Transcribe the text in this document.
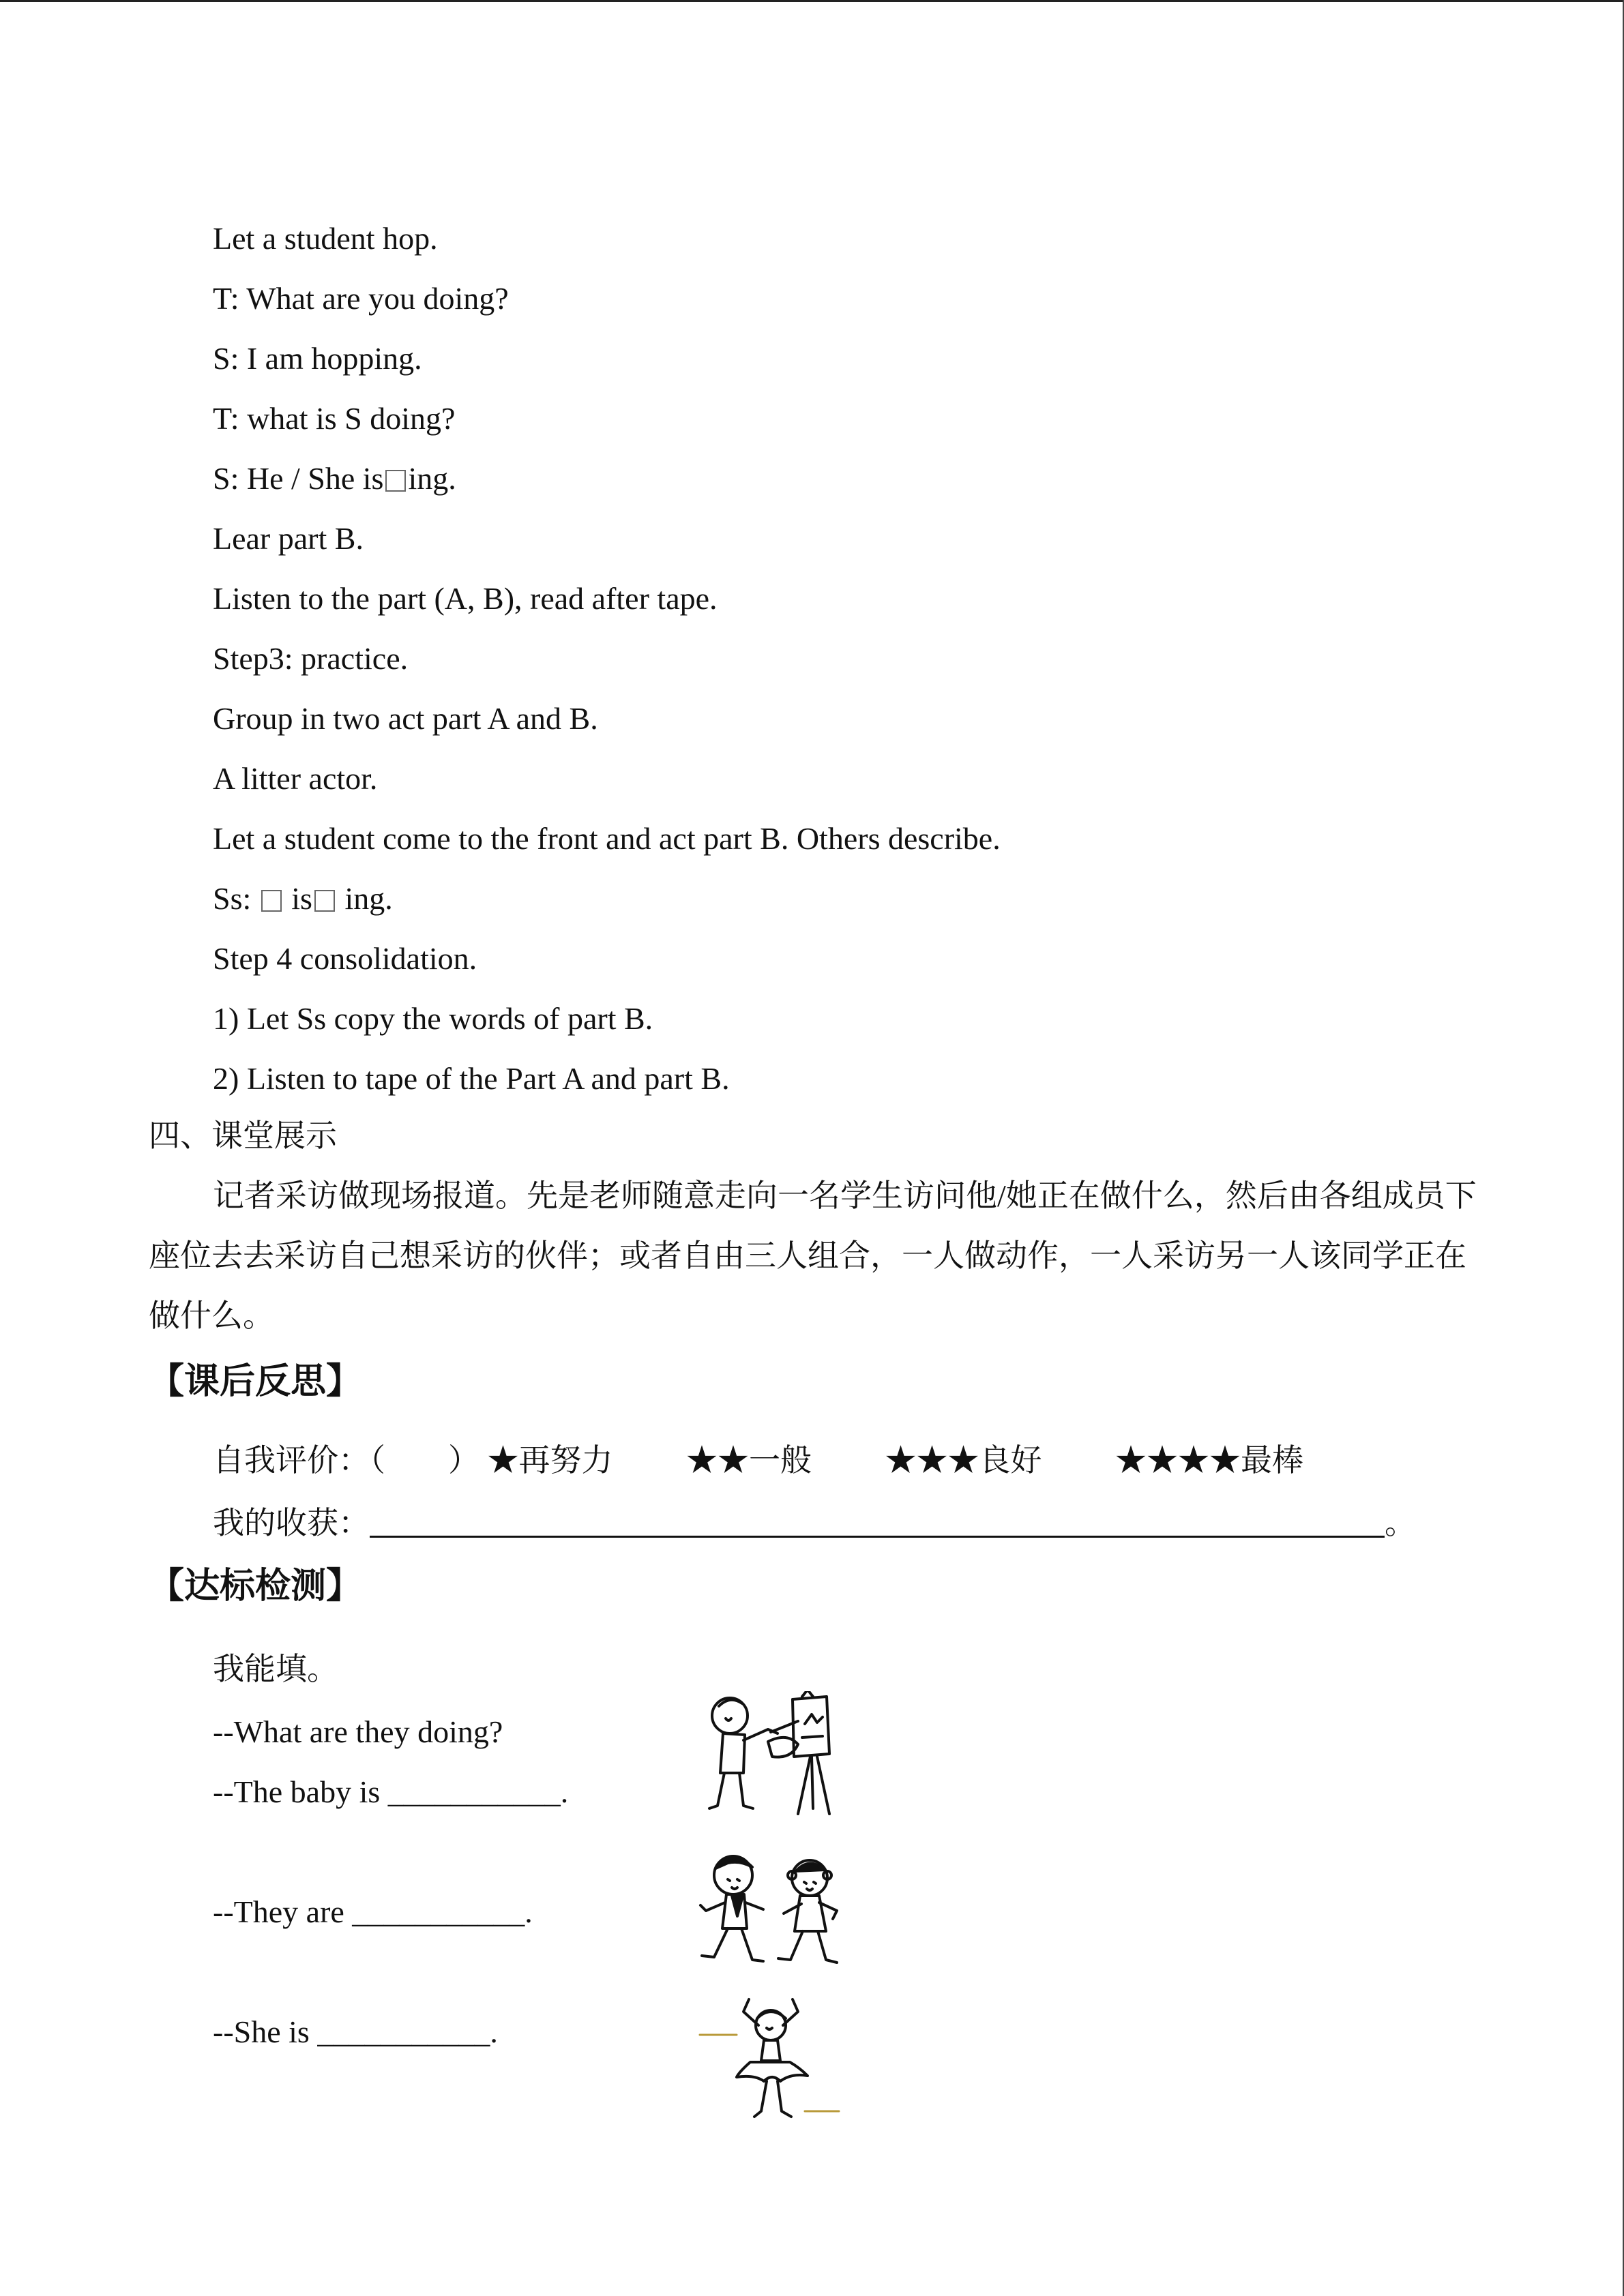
Let a student hop.
T: What are you doing?
S: I am hopping.
T: what is S doing?
S: He / She is ing.
Lear part B.
Listen to the part (A, B), read after tape.
Step3: practice.
Group in two act part A and B.
A litter actor.
Let a student come to the front and act part B. Others describe.
Ss: is ing.
Step 4 consolidation.
1) Let Ss copy the words of part B.
2) Listen to tape of the Part A and part B.
四、课堂展示
记者采访做现场报道。先是老师随意走向一名学生访问他/她正在做什么，然后由各组成员下座位去去采访自己想采访的伙伴；或者自由三人组合，一人做动作，一人采访另一人该同学正在做什么。
【课后反思】
自我评价：（　　） ★再努力 ★★一般 ★★★良好 ★★★★最棒
我的收获：	。
【达标检测】
我能填。
--What are they doing?
--The baby is ___________.
--They are ___________.
--She is ___________.
